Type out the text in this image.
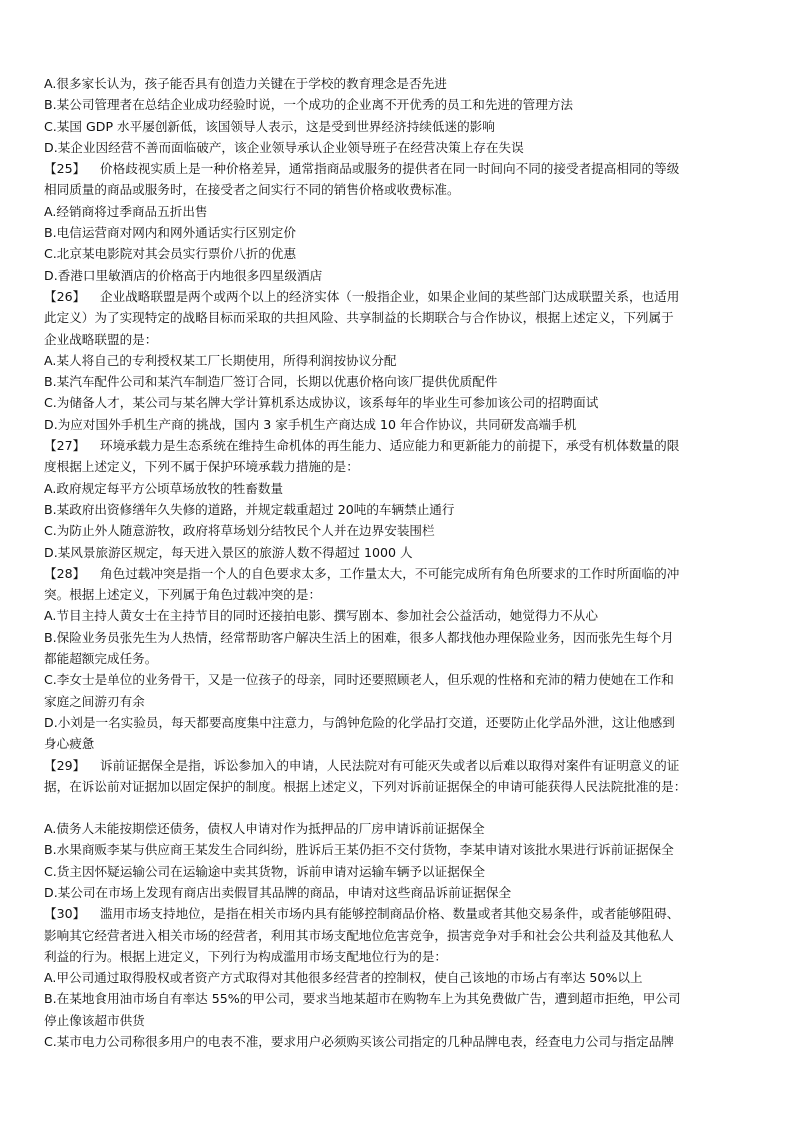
A.很多家长认为，孩子能否具有创造力关键在于学校的教育理念是否先进
B.某公司管理者在总结企业成功经验时说，一个成功的企业离不开优秀的员工和先进的管理方法
C.某国 GDP 水平屡创新低，该国领导人表示，这是受到世界经济持续低迷的影响
D.某企业因经营不善而面临破产，该企业领导承认企业领导班子在经营决策上存在失误
【25】 价格歧视实质上是一种价格差异，通常指商品或服务的提供者在同一时间向不同的接受者提高相同的等级
相同质量的商品或服务时，在接受者之间实行不同的销售价格或收费标准。
A.经销商将过季商品五折出售
B.电信运营商对网内和网外通话实行区别定价
C.北京某电影院对其会员实行票价八折的优惠
D.香港口里敏酒店的价格高于内地很多四星级酒店
【26】 企业战略联盟是两个或两个以上的经济实体（一般指企业，如果企业间的某些部门达成联盟关系，也适用
此定义）为了实现特定的战略目标而采取的共担风险、共享制益的长期联合与合作协议，根据上述定义，下列属于
企业战略联盟的是：
A.某人将自己的专利授权某工厂长期使用，所得利润按协议分配
B.某汽车配件公司和某汽车制造厂签订合同，长期以优惠价格向该厂提供优质配件
C.为储备人才，某公司与某名牌大学计算机系达成协议，该系每年的毕业生可参加该公司的招聘面试
D.为应对国外手机生产商的挑战，国内 3 家手机生产商达成 10 年合作协议，共同研发高端手机
【27】 环境承载力是生态系统在维持生命机体的再生能力、适应能力和更新能力的前提下，承受有机体数量的限
度根据上述定义，下列不属于保护环境承载力措施的是：
A.政府规定每平方公顷草场放牧的牲畜数量
B.某政府出资修缮年久失修的道路，并规定载重超过 20吨的车辆禁止通行
C.为防止外人随意游牧，政府将草场划分结牧民个人并在边界安装围栏
D.某风景旅游区规定，每天进入景区的旅游人数不得超过 1000 人
【28】 角色过载冲突是指一个人的自色要求太多，工作量太大，不可能完成所有角色所要求的工作时所面临的冲
突。根据上述定义，下列属于角色过载冲突的是：
A.节目主持人黄女士在主持节目的同时还接拍电影、撰写剧本、参加社会公益活动，她觉得力不从心
B.保险业务员张先生为人热情，经常帮助客户解决生活上的困难，很多人都找他办理保险业务，因而张先生每个月
都能超额完成任务。
C.李女士是单位的业务骨干，又是一位孩子的母亲，同时还要照顾老人，但乐观的性格和充沛的精力使她在工作和
家庭之间游刃有余
D.小刘是一名实验员，每天都要高度集中注意力，与鸽钟危险的化学品打交道，还要防止化学品外泄，这让他感到
身心疲惫
【29】 诉前证据保全是指，诉讼参加入的申请，人民法院对有可能灭失或者以后难以取得对案件有证明意义的证
据，在诉讼前对证据加以固定保护的制度。根据上述定义，下列对诉前证据保全的申请可能获得人民法院批准的是：
A.债务人未能按期偿还债务，债权人申请对作为抵押品的厂房申请诉前证据保全
B.水果商贩李某与供应商王某发生合同纠纷，胜诉后王某仍拒不交付货物，李某申请对该批水果进行诉前证据保全
C.货主因怀疑运输公司在运输途中卖其货物，诉前申请对运输车辆予以证据保全
D.某公司在市场上发现有商店出卖假冒其品牌的商品，申请对这些商品诉前证据保全
【30】 滥用市场支持地位，是指在相关市场内具有能够控制商品价格、数量或者其他交易条件，或者能够阻碍、
影响其它经营者进入相关市场的经营者，利用其市场支配地位危害竞争，损害竞争对手和社会公共利益及其他私人
利益的行为。根据上进定义，下列行为构成滥用市场支配地位行为的是：
A.甲公司通过取得股权或者资产方式取得对其他很多经营者的控制权，使自己该地的市场占有率达 50%以上
B.在某地食用油市场自有率达 55%的甲公司，要求当地某超市在购物车上为其免费做广告，遭到超市拒绝，甲公司
停止像该超市供货
C.某市电力公司称很多用户的电表不准，要求用户必须购买该公司指定的几种品牌电表，经查电力公司与指定品牌
